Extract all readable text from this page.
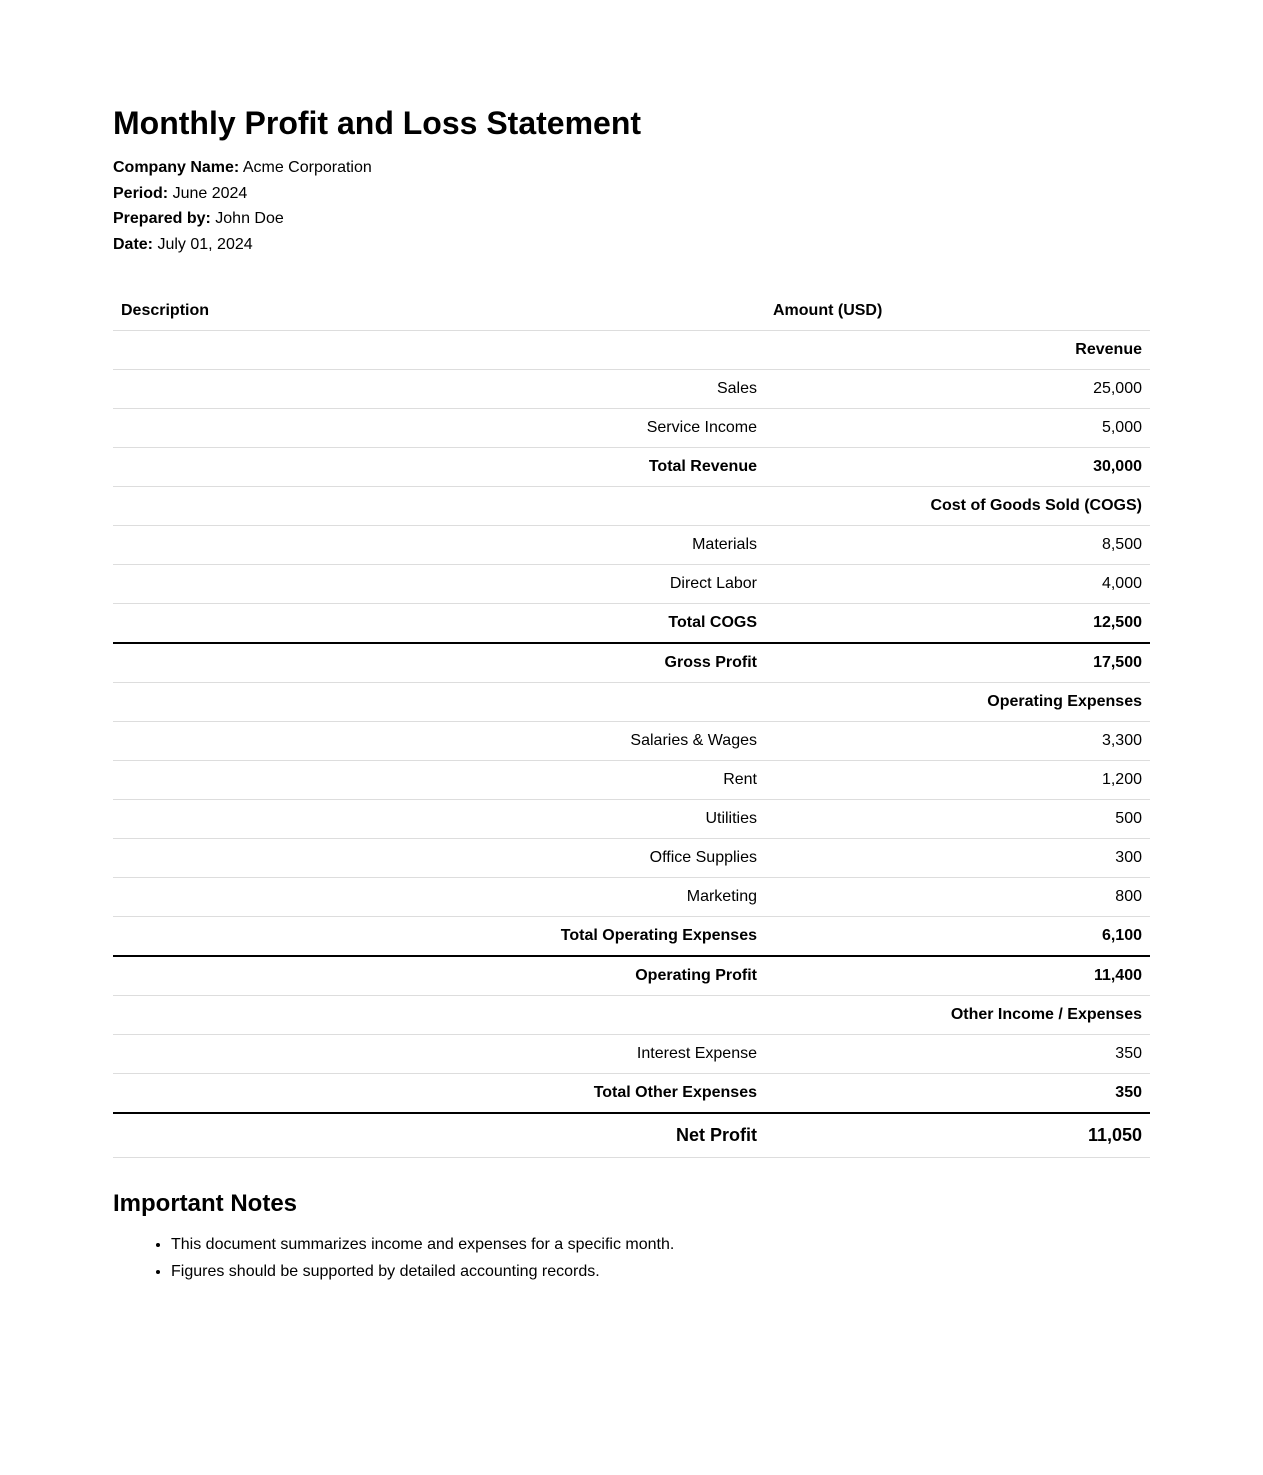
Monthly Profit and Loss Statement
Company Name: Acme Corporation
Period: June 2024
Prepared by: John Doe
Date: July 01, 2024
Description	Amount (USD)
	Revenue
Sales	25,000
Service Income	5,000
Total Revenue	30,000
	Cost of Goods Sold (COGS)
Materials	8,500
Direct Labor	4,000
Total COGS	12,500
Gross Profit	17,500
	Operating Expenses
Salaries & Wages	3,300
Rent	1,200
Utilities	500
Office Supplies	300
Marketing	800
Total Operating Expenses	6,100
Operating Profit	11,400
	Other Income / Expenses
Interest Expense	350
Total Other Expenses	350
Net Profit	11,050
Important Notes
• This document summarizes income and expenses for a specific month.
• Figures should be supported by detailed accounting records.
